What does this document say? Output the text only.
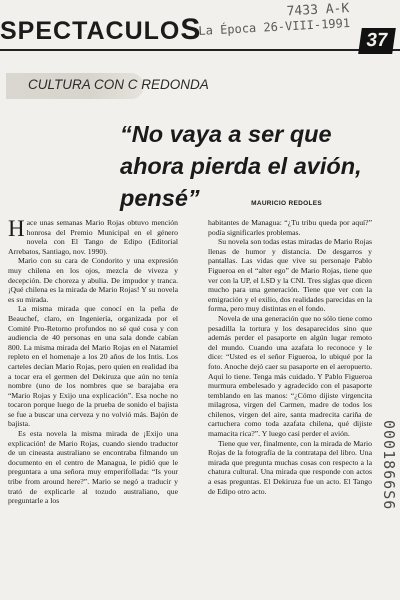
SPECTACULOS
7433 A-K
La Época 26-VIII-1991
37
CULTURA CON C REDONDA
“No vaya a ser que ahora pierda el avión, pensé”	MAURICIO REDOLES

Hace unas semanas Mario Rojas obtuvo mención honrosa del Premio Municipal en el género novela con El Tango de Edipo (Editorial Arrebatos, Santiago, nov. 1990).

Mario con su cara de Condorito y una expresión muy chilena en los ojos, mezcla de viveza y decepción. De chorezа y abulia. De impudor y tranca. ¡Qué chilena es la mirada de Mario Rojas! Y su novela es su mirada.

La misma mirada que conocí en la peña de Beauchef, claro, en Ingeniería, organizada por el Comité Pro-Retorno profundos no sé qué cosa y con audiencia de 40 personas en una sala donde cabían 800. La misma mirada del Mario Rojas en el Natamiel repleto en el homenaje a los 20 años de los Intis. Los carteles decían Mario Rojas, pero quien en realidad iba a tocar era el germen del Dekiruza que aún no tenía nombre (uno de los nombres que se barajaba era “Mario Rojas y Exijo una explicación”. Esa noche no tocaron porque luego de la prueba de sonido el bajista se fue a buscar una cerveza y no volvió más. Bajón de bajista.

Es esta novela la misma mirada de ¡Exijo una explicación! de Mario Rojas, cuando siendo traductor de un cineasta australiano se encontraba filmando un documento en el centro de Managua, le pidió que le preguntara a una señora muy emperifollada: “Is your tribe from around here?”. Mario se negó a traducir y trató de explicarle al tozudo australiano, que preguntarle a los

habitantes de Managua: “¿Tu tribu queda por aquí?” podía significarles problemas.

Su novela son todas estas miradas de Mario Rojas llenas de humor y distancia. De desgarros y pantallas. Las vidas que vive su personaje Pablo Figueroa en el “alter ego” de Mario Rojas, tiene que ver con la UP, el LSD y la CNI. Tres siglas que dicen mucho para una generación. Tiene que ver con la emigración y el exilio, dos realidades parecidas en la forma, pero muy distintas en el fondo.

Novela de una generación que no sólo tiene como pesadilla la tortura y los desaparecidos sino que además perder el pasaporte en algún lugar remoto del mundo. Cuando una azafata lo reconoce y le dice: “Usted es el señor Figueroa, lo ubiqué por la foto. Anoche dejó caer su pasaporte en el aeropuerto. Aquí lo tiene. Tenga más cuidado. Y Pablo Figueroa murmura embelesado y agradecido con el pasaporte temblando en las manos: “¿Cómo dijiste virgencita milagrosa, virgen del Carmen, madre de todos los chilenos, virgen del aire, santa madrecita cariña de cartuchera como toda azafata chilena, qué dijiste mamacita rica?”. Y luego casi perder el avión.

Tiene que ver, finalmente, con la mirada de Mario Rojas de la fotografía de la contratapa del libro. Una mirada que pregunta muchas cosas con respecto a la chatura cultural. Una mirada que responde con actos a esas preguntas. El Dekiruza fue un acto. El Tango de Edipo otro acto.	0001866S6
